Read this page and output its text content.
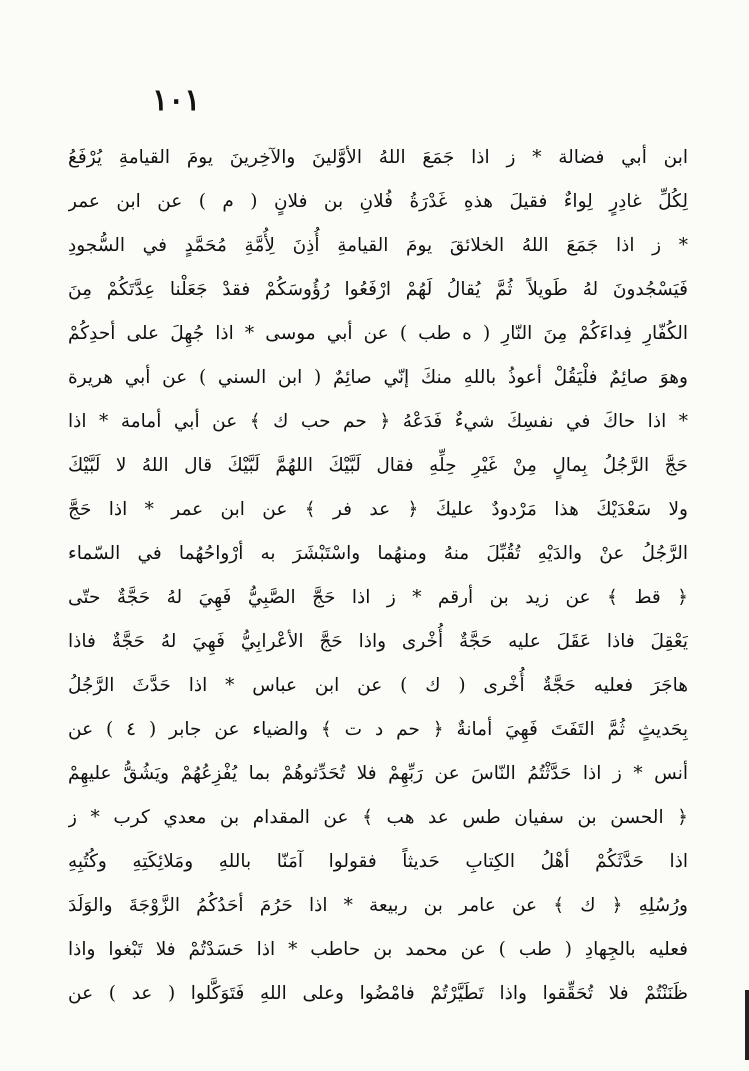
١٠١
ابن أبي فضالة * ز اذا جَمَعَ اللهُ الأوَّلينَ والآخِرينَ يومَ القيامةِ يُرْفَعُ
لِكُلِّ غادِرٍ لِواءٌ فقيلَ هذهِ غَدْرَةُ فُلانِ بن فلانٍ ( م ) عن ابن عمر
* ز اذا جَمَعَ اللهُ الخلائقَ يومَ القيامةِ أُذِنَ لِأُمَّةِ مُحَمَّدٍ في السُّجودِ
فَيَسْجُدونَ لهُ طَويلاً ثُمَّ يُقالُ لَهُمْ ارْفَعُوا رُؤُوسَكُمْ فقدْ جَعَلْنا عِدَّتَكُمْ مِنَ
الكُفّارِ فِداءَكُمْ مِنَ النّارِ ( ه طب ) عن أبي موسى * اذا جُهِلَ على أحدِكُمْ
وهوَ صائِمٌ فلْيَقُلْ أعوذُ باللهِ منكَ إنّي صائِمٌ ( ابن السني ) عن أبي هريرة
* اذا حاكَ في نفسِكَ شيءٌ فَدَعْهُ ﴿ حم حب ك ﴾ عن أبي أمامة * اذا
حَجَّ الرَّجُلُ بِمالٍ مِنْ غَيْرِ حِلِّهِ فقال لَبَّيْكَ اللهُمَّ لَبَّيْكَ قال اللهُ لا لَبَّيْكَ
ولا سَعْدَيْكَ هذا مَرْدودٌ عليكَ ﴿ عد فر ﴾ عن ابن عمر * اذا حَجَّ
الرَّجُلُ عنْ والدَيْهِ تُقُبِّلَ منهُ ومنهُما واسْتَبْشَرَ به أرْواحُهُما في السّماء
﴿ قط ﴾ عن زيد بن أرقم * ز اذا حَجَّ الصَّبِيُّ فَهِيَ لهُ حَجَّةٌ حتّى
يَعْقِلَ فاذا عَقَلَ عليه حَجَّةٌ أُخْرى واذا حَجَّ الأعْرابِيُّ فَهِيَ لهُ حَجَّةٌ فاذا
هاجَرَ فعليه حَجَّةٌ أُخْرى ( ك ) عن ابن عباس * اذا حَدَّثَ الرَّجُلُ
بِحَديثٍ ثُمَّ التَفَتَ فَهِيَ أمانةٌ ﴿ حم د ت ﴾ والضياء عن جابر ( ٤ ) عن
أنس * ز اذا حَدَّثْتُمُ النّاسَ عن رَبِّهِمْ فلا تُحَدِّثوهُمْ بما يُفْزِعُهُمْ ويَشُقُّ عليهِمْ
﴿ الحسن بن سفيان طس عد هب ﴾ عن المقدام بن معدي كرب * ز
اذا حَدَّثَكُمْ أهْلُ الكِتابِ حَديثاً فقولوا آمَنّا باللهِ ومَلائِكَتِهِ وكُتُبِهِ
ورُسُلِهِ ﴿ ك ﴾ عن عامر بن ربيعة * اذا حَرُمَ أحَدُكُمُ الزَّوْجَةَ والوَلَدَ
فعليه بالجِهادِ ( طب ) عن محمد بن حاطب * اذا حَسَدْتُمْ فلا تَبْغوا واذا
ظَنَنْتُمْ فلا تُحَقِّقوا واذا تَطَيَّرْتُمْ فامْضُوا وعلى اللهِ فَتَوَكَّلوا ( عد ) عن
